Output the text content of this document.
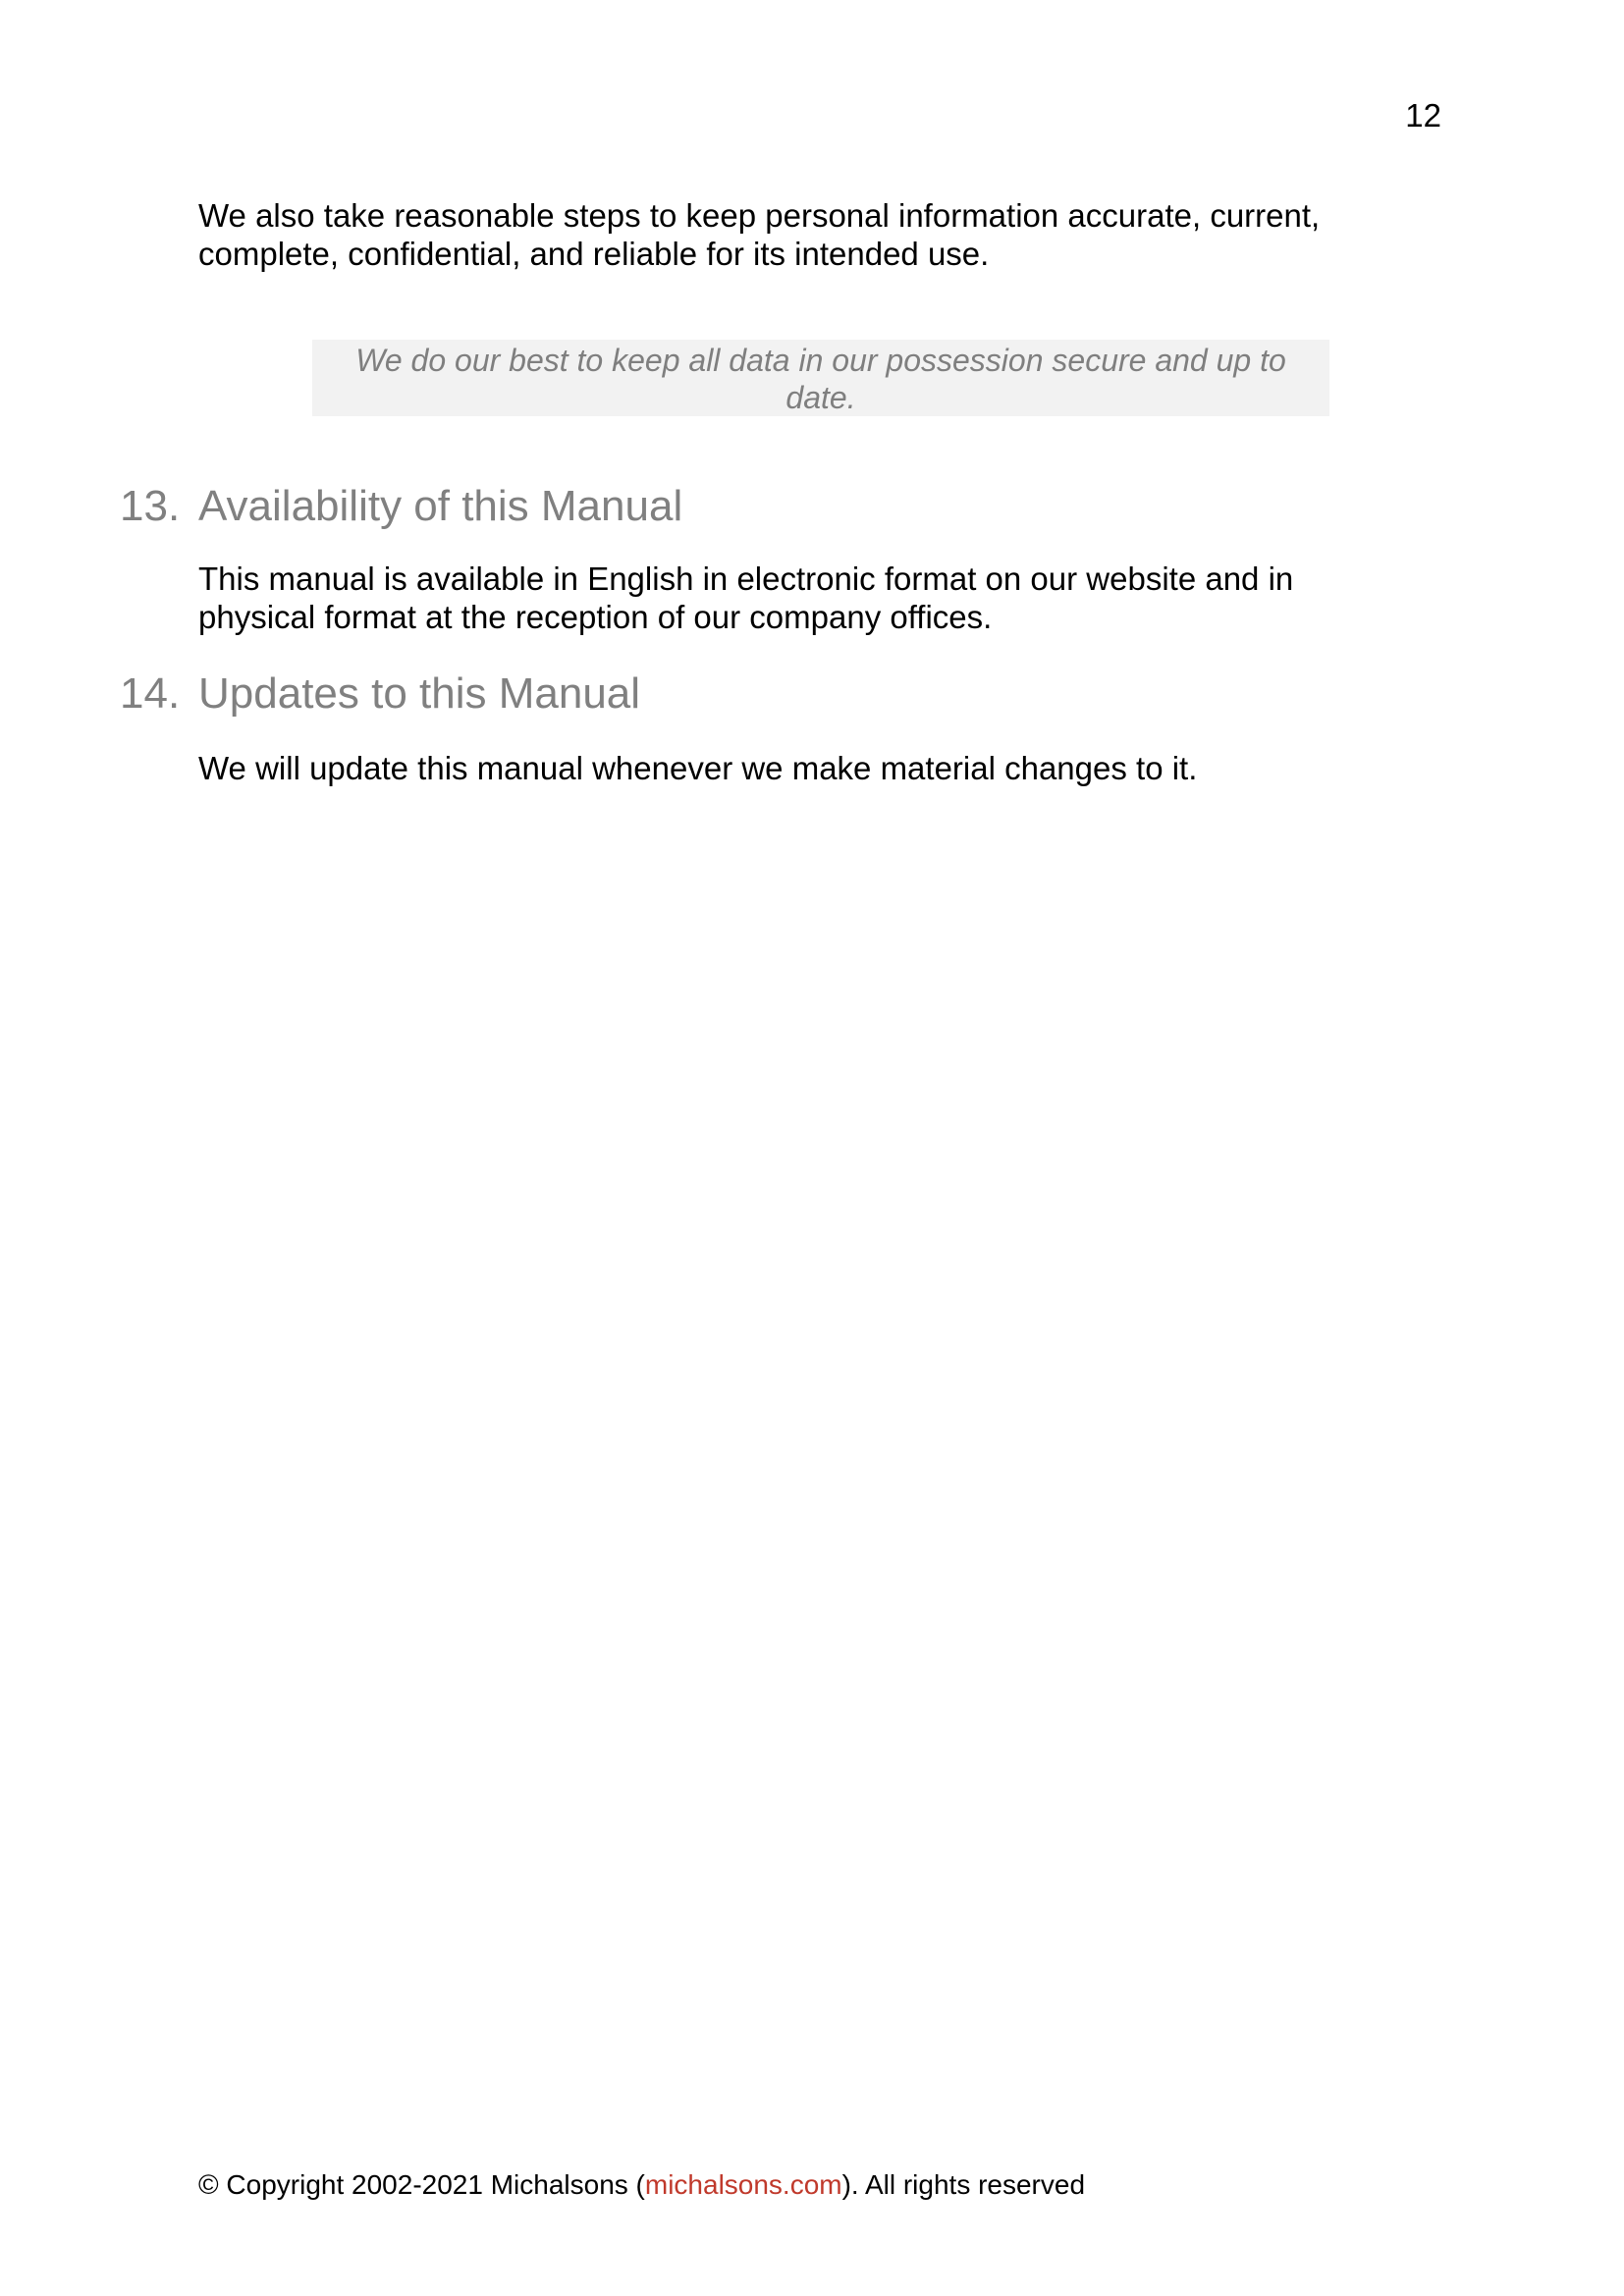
12

We also take reasonable steps to keep personal information accurate, current, complete, confidential, and reliable for its intended use.

We do our best to keep all data in our possession secure and up to date.
13. Availability of this Manual

This manual is available in English in electronic format on our website and in physical format at the reception of our company offices.

14. Updates to this Manual

We will update this manual whenever we make material changes to it.

© Copyright 2002-2021 Michalsons (michalsons.com). All rights reserved
